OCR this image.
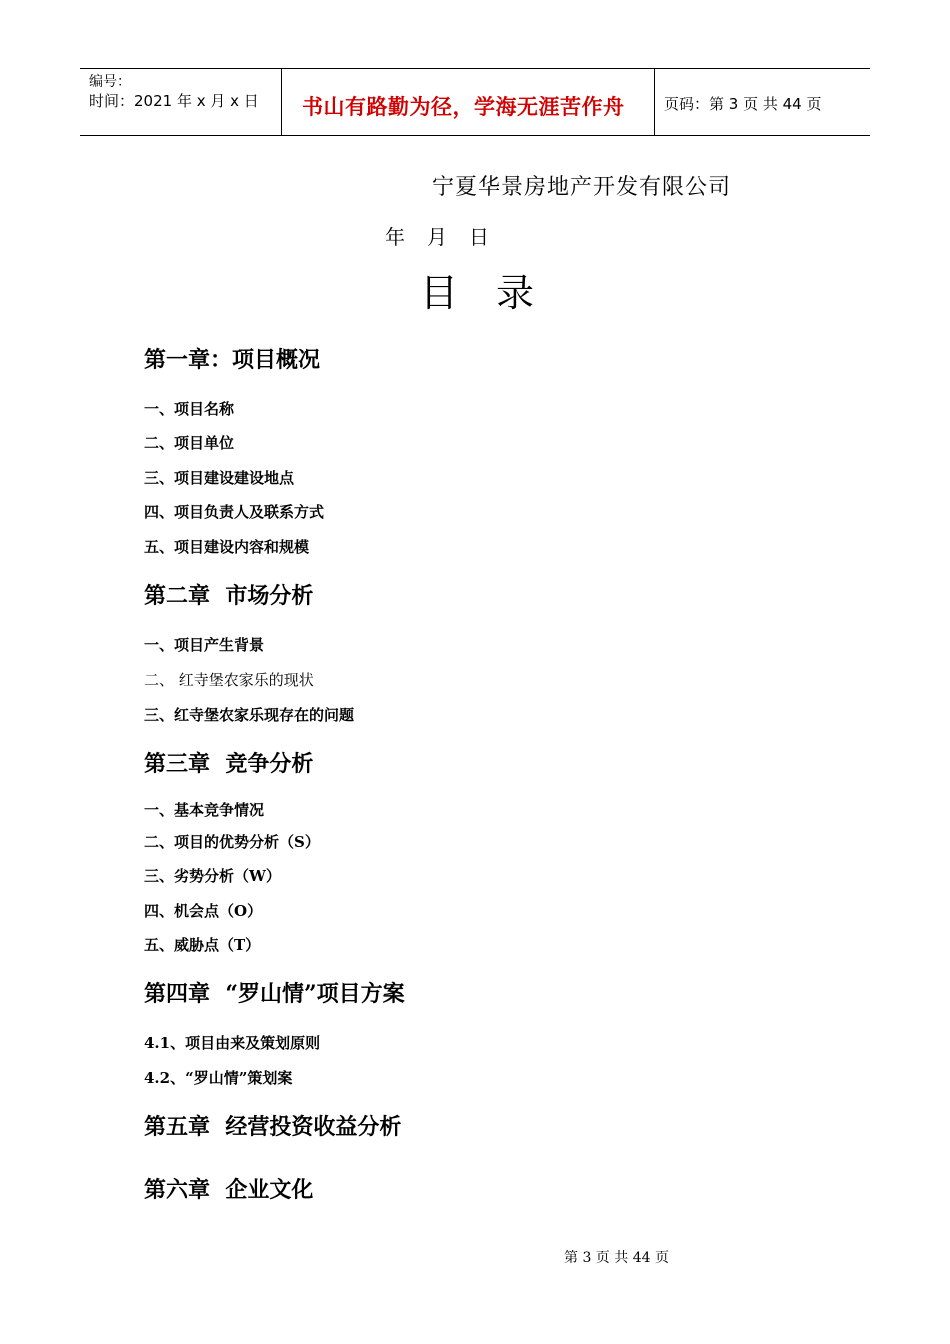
编号：
时间：2021 年 x 月 x 日 书山有路勤为径，学海无涯苦作舟	页码：第 3 页 共 44 页
宁夏华景房地产开发有限公司
年 月 日
目 录
第一章：项目概况
一、项目名称
二、项目单位
三、项目建设建设地点
四、项目负责人及联系方式
五、项目建设内容和规模
第二章  市场分析
一、项目产生背景
二、 红寺堡农家乐的现状
三、红寺堡农家乐现存在的问题
第三章  竞争分析
一、基本竞争情况
二、项目的优势分析（S）
三、劣势分析（W）
四、机会点（O）
五、威胁点（T）
第四章  “罗山情”项目方案
4.1、项目由来及策划原则
4.2、“罗山情”策划案
第五章  经营投资收益分析
第六章  企业文化
第 3 页 共 44 页
